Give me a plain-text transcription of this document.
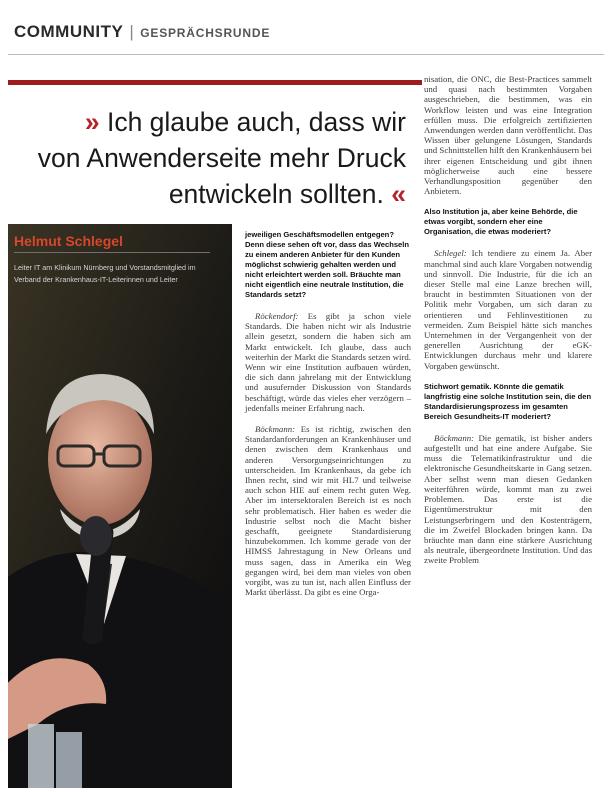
COMMUNITY | GESPRÄCHSRUNDE
» Ich glaube auch, dass wir
von Anwenderseite mehr Druck
entwickeln sollten. «
Helmut Schlegel
Leiter IT am Klinikum Nürnberg und Vorstandsmitglied im Verband der Krankenhaus-IT-Leiterinnen und Leiter

jeweiligen Geschäftsmodellen entgegen? Denn diese sehen oft vor, dass das Wechseln zu einem anderen Anbieter für den Kunden möglichst schwierig gehalten werden und nicht erleichtert werden soll. Bräuchte man nicht eigentlich eine neutrale Institution, die Standards setzt?

Röckendorf: Es gibt ja schon viele Standards. Die haben nicht wir als Industrie allein gesetzt, sondern die haben sich am Markt entwickelt. Ich glaube, dass auch weiterhin der Markt die Standards setzen wird. Wenn wir eine Institution aufbauen würden, die sich dann jahrelang mit der Entwicklung und ausufernder Diskussion von Standards beschäftigt, würde das vieles eher verzögern – jedenfalls meiner Erfahrung nach.

Böckmann: Es ist richtig, zwischen den Standardanforderungen an Krankenhäuser und denen zwischen dem Krankenhaus und anderen Versorgungseinrichtungen zu unterscheiden. Im Krankenhaus, da gebe ich Ihnen recht, sind wir mit HL7 und teilweise auch schon HIE auf einem recht guten Weg. Aber im intersektoralen Bereich ist es noch sehr problematisch. Hier haben es weder die Industrie selbst noch die Macht bisher geschafft, geeignete Standardisierung hinzubekommen. Ich komme gerade von der HIMSS Jahrestagung in New Orleans und muss sagen, dass in Amerika ein Weg gegangen wird, bei dem man vieles von oben vorgibt, was zu tun ist, nach allen Einfluss der Markt überlässt. Da gibt es eine Orga-

nisation, die ONC, die Best-Practices sammelt und quasi nach bestimmten Vorgaben ausgeschrieben, die bestimmen, was ein Workflow leisten und was eine Integration erfüllen muss. Die erfolgreich zertifizierten Anwendungen werden dann veröffentlicht. Das Wissen über gelungene Lösungen, Standards und Schnittstellen hilft den Krankenhäusern bei ihrer eigenen Entscheidung und gibt ihnen möglicherweise auch eine bessere Verhandlungsposition gegenüber den Anbietern.

Also Institution ja, aber keine Behörde, die etwas vorgibt, sondern eher eine Organisation, die etwas moderiert?

Schlegel: Ich tendiere zu einem Ja. Aber manchmal sind auch klare Vorgaben notwendig und sinnvoll. Die Industrie, für die ich an dieser Stelle mal eine Lanze brechen will, braucht in bestimmten Situationen von der Politik mehr Vorgaben, um sich daran zu orientieren und Fehlinvestitionen zu vermeiden. Zum Beispiel hätte sich manches Unternehmen in der Vergangenheit von der generellen Ausrichtung der eGK-Entwicklungen durchaus mehr und klarere Vorgaben gewünscht.

Stichwort gematik. Könnte die gematik langfristig eine solche Institution sein, die den Standardisierungsprozess im gesamten Bereich Gesundheits-IT moderiert?

Böckmann: Die gematik, ist bisher anders aufgestellt und hat eine andere Aufgabe. Sie muss die Telematikinfrastruktur und die elektronische Gesundheitskarte in Gang setzen. Aber selbst wenn man diesen Gedanken weiterführen würde, kommt man zu zwei Problemen. Das erste ist die Eigentümerstruktur mit den Leistungserbringern und den Kostenträgern, die im Zweifel Blockaden bringen kann. Da bräuchte man dann eine stärkere Ausrichtung als neutrale, übergeordnete Institution. Und das zweite Problem
